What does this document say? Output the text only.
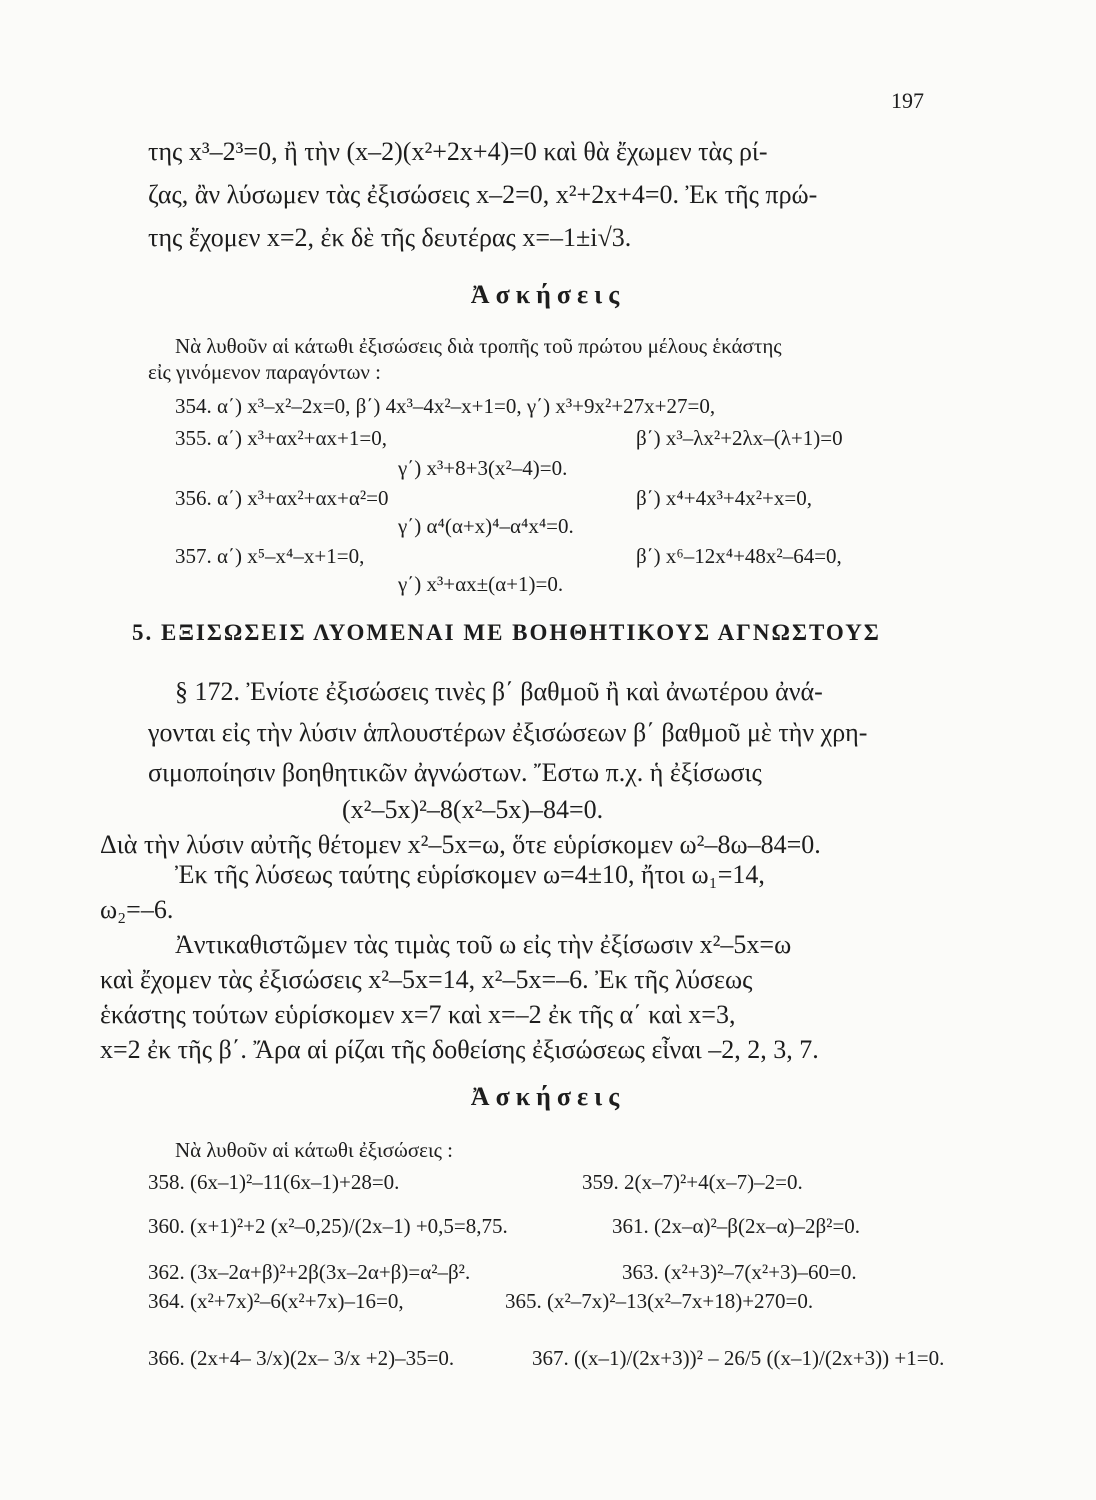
197
της x³–2³=0, ἢ τὴν (x–2)(x²+2x+4)=0 καὶ θὰ ἔχωμεν τὰς ρί-
ζας, ἂν λύσωμεν τὰς ἐξισώσεις x–2=0, x²+2x+4=0. Ἐκ τῆς πρώ-
της ἔχομεν x=2, ἐκ δὲ τῆς δευτέρας x=–1±i√3.
Ἀσκήσεις
Νὰ λυθοῦν αἱ κάτωθι ἐξισώσεις διὰ τροπῆς τοῦ πρώτου μέλους ἑκάστης
εἰς γινόμενον παραγόντων :
354. α΄) x³–x²–2x=0, β΄) 4x³–4x²–x+1=0, γ΄) x³+9x²+27x+27=0,
355. α΄) x³+αx²+αx+1=0,	β΄) x³–λx²+2λx–(λ+1)=0
γ΄) x³+8+3(x²–4)=0.
356. α΄) x³+αx²+αx+α²=0	β΄) x⁴+4x³+4x²+x=0,
γ΄) α⁴(α+x)⁴–α⁴x⁴=0.
357. α΄) x⁵–x⁴–x+1=0,	β΄) x⁶–12x⁴+48x²–64=0,
γ΄) x³+αx±(α+1)=0.
5. ΕΞΙΣΩΣΕΙΣ ΛΥΟΜΕΝΑΙ ΜΕ ΒΟΗΘΗΤΙΚΟΥΣ ΑΓΝΩΣΤΟΥΣ
§ 172. Ἐνίοτε ἐξισώσεις τινὲς β΄ βαθμοῦ ἢ καὶ ἀνωτέρου ἀνά-
γονται εἰς τὴν λύσιν ἁπλουστέρων ἐξισώσεων β΄ βαθμοῦ μὲ τὴν χρη-
σιμοποίησιν βοηθητικῶν ἀγνώστων. Ἔστω π.χ. ἡ ἐξίσωσις
(x²–5x)²–8(x²–5x)–84=0.
Διὰ τὴν λύσιν αὐτῆς θέτομεν x²–5x=ω, ὅτε εὑρίσκομεν ω²–8ω–84=0.
Ἐκ τῆς λύσεως ταύτης εὑρίσκομεν ω=4±10, ἤτοι ω₁=14,
ω₂=–6.
Ἀντικαθιστῶμεν τὰς τιμὰς τοῦ ω εἰς τὴν ἐξίσωσιν x²–5x=ω
καὶ ἔχομεν τὰς ἐξισώσεις x²–5x=14, x²–5x=–6. Ἐκ τῆς λύσεως
ἑκάστης τούτων εὑρίσκομεν x=7 καὶ x=–2 ἐκ τῆς α΄ καὶ x=3,
x=2 ἐκ τῆς β΄. Ἄρα αἱ ρίζαι τῆς δοθείσης ἐξισώσεως εἶναι –2, 2, 3, 7.
Ἀσκήσεις
Νὰ λυθοῦν αἱ κάτωθι ἐξισώσεις :
358. (6x–1)²–11(6x–1)+28=0.	359. 2(x–7)²+4(x–7)–2=0.
360. (x+1)²+2 (x²–0,25)/(2x–1) +0,5=8,75.	361. (2x–α)²–β(2x–α)–2β²=0.
362. (3x–2α+β)²+2β(3x–2α+β)=α²–β².	363. (x²+3)²–7(x²+3)–60=0.
364. (x²+7x)²–6(x²+7x)–16=0,	365. (x²–7x)²–13(x²–7x+18)+270=0.
366. (2x+4– 3/x)(2x– 3/x +2)–35=0.	367. ((x–1)/(2x+3))² – 26/5 ((x–1)/(2x+3)) +1=0.
